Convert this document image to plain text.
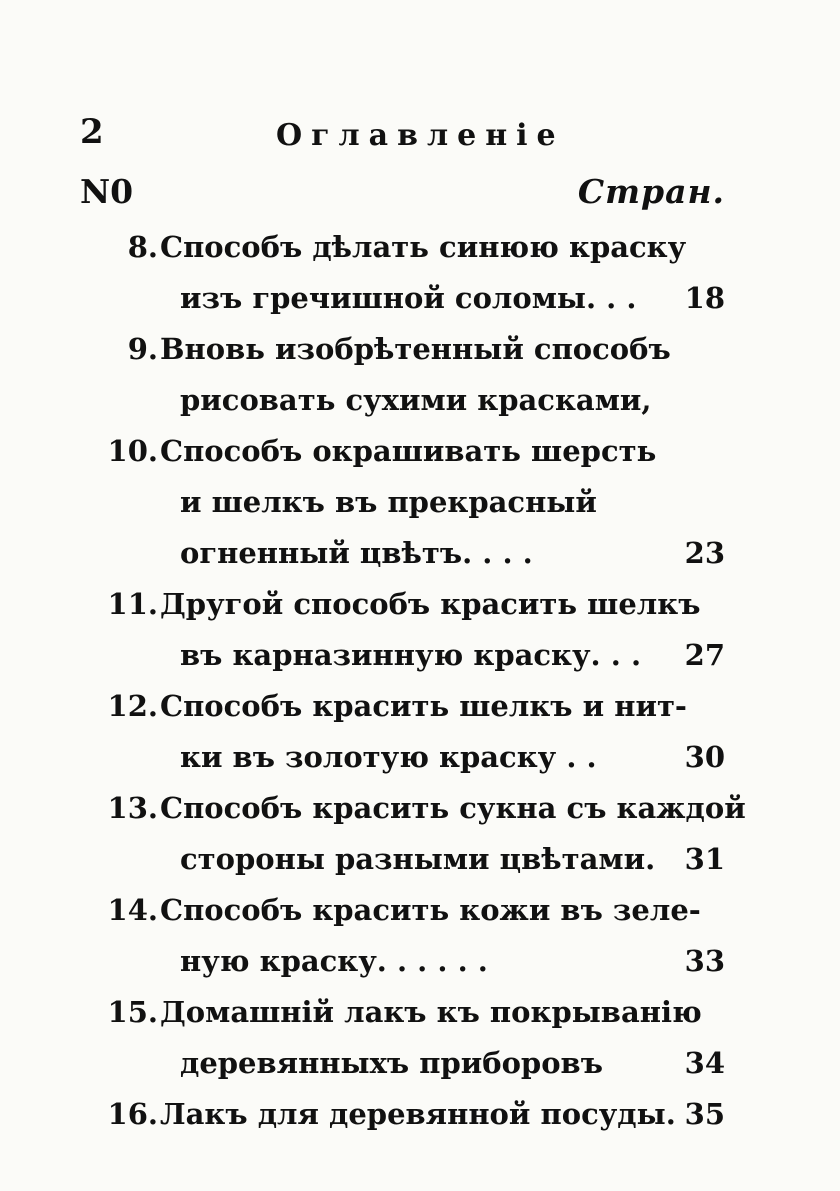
2	Оглавленіе
N0	Стран.
8. Способъ дѣлать синюю краску
изъ гречишной соломы. . .	18
9. Вновь изобрѣтенный способъ
рисовать сухими красками,
10. Способъ окрашивать шерсть
и шелкъ въ прекрасный
огненный цвѣтъ. . . .	23
11. Другой способъ красить шелкъ
въ карназинную краску. . .	27
12. Способъ красить шелкъ и нит-
ки въ золотую краску . .	30
13. Способъ красить сукна съ каждой
стороны разными цвѣтами.	31
14. Способъ красить кожи въ зеле-
ную краску. . . . . .	33
15. Домашній лакъ къ покрыванію
деревянныхъ приборовъ	34
16. Лакъ для деревянной посуды. 35
